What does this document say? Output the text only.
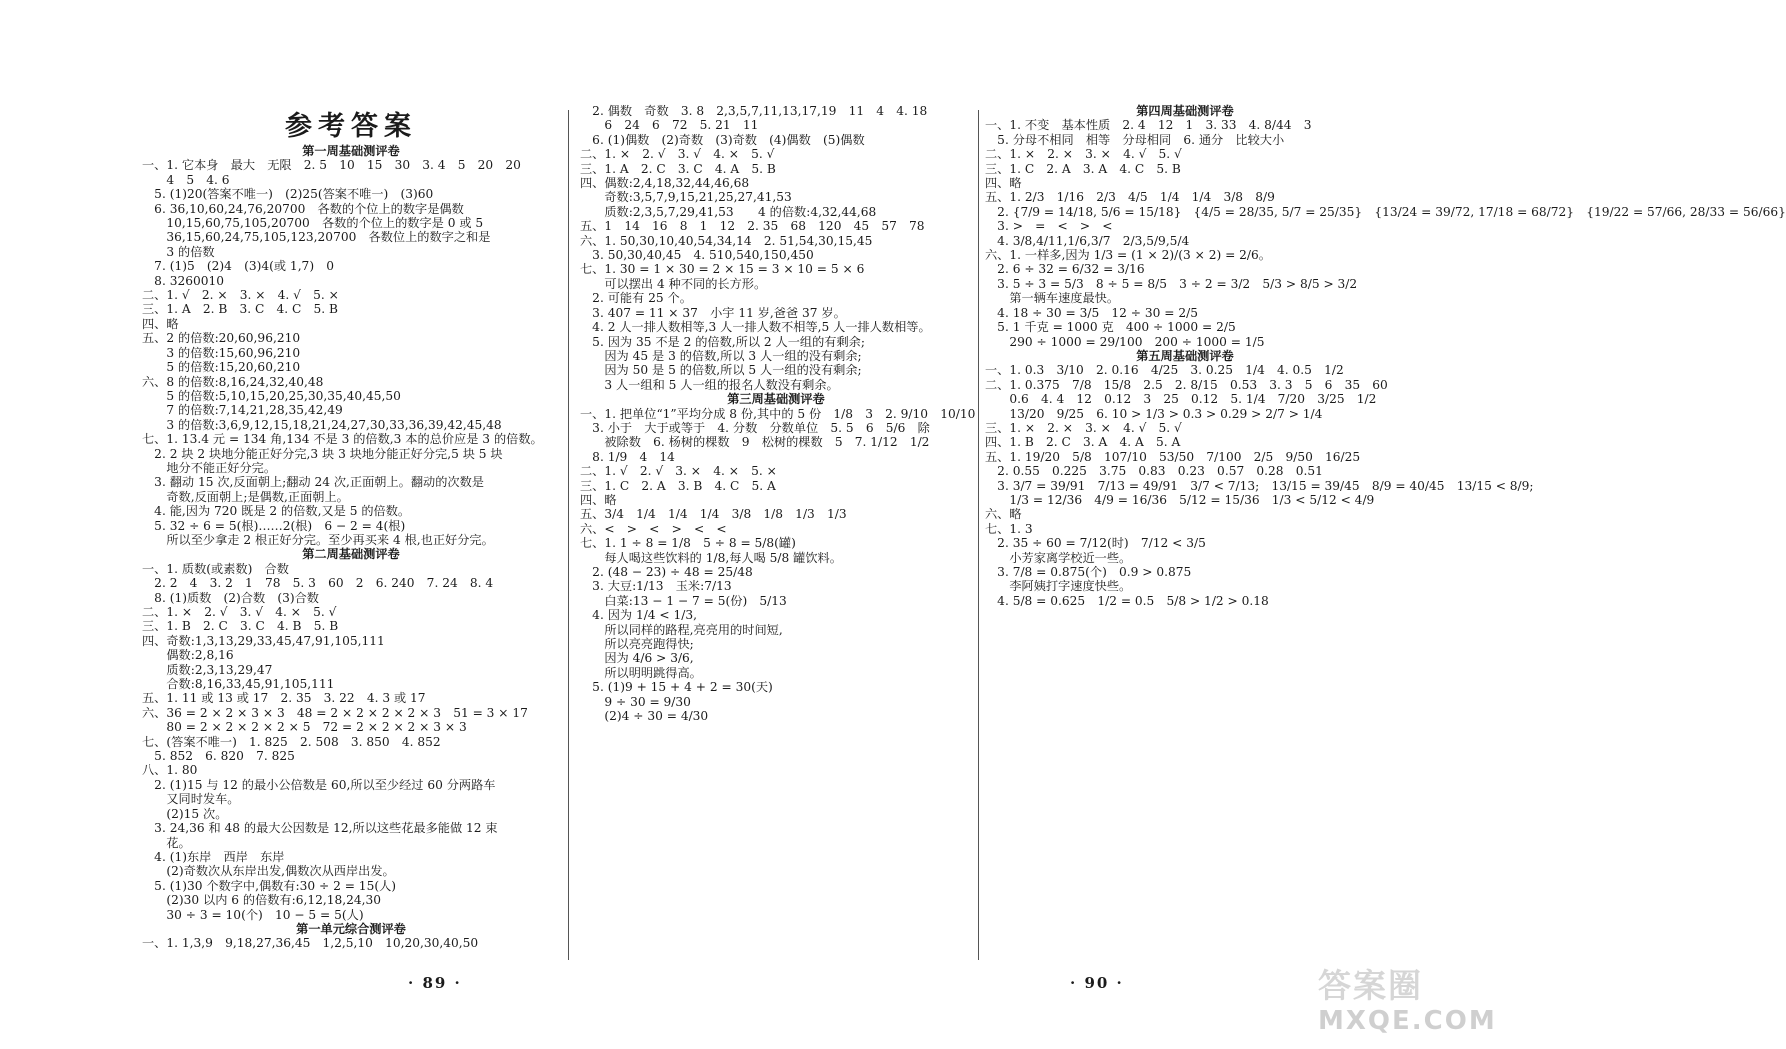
参考答案
第一周基础测评卷
一、1. 它本身　最大　无限　2. 5　10　15　30　3. 4　5　20　20
　　4　5　4. 6
　5. (1)20(答案不唯一)　(2)25(答案不唯一)　(3)60
　6. 36,10,60,24,76,20700　各数的个位上的数字是偶数
　　10,15,60,75,105,20700　各数的个位上的数字是 0 或 5
　　36,15,60,24,75,105,123,20700　各数位上的数字之和是
　　3 的倍数
　7. (1)5　(2)4　(3)4(或 1,7)　0
　8. 3260010
二、1. √　2. ×　3. ×　4. √　5. ×
三、1. A　2. B　3. C　4. C　5. B
四、略
五、2 的倍数:20,60,96,210
　　3 的倍数:15,60,96,210
　　5 的倍数:15,20,60,210
六、8 的倍数:8,16,24,32,40,48
　　5 的倍数:5,10,15,20,25,30,35,40,45,50
　　7 的倍数:7,14,21,28,35,42,49
　　3 的倍数:3,6,9,12,15,18,21,24,27,30,33,36,39,42,45,48
七、1. 13.4 元 = 134 角,134 不是 3 的倍数,3 本的总价应是 3 的倍数。
　2. 2 块 2 块地分能正好分完,3 块 3 块地分能正好分完,5 块 5 块
　　地分不能正好分完。
　3. 翻动 15 次,反面朝上;翻动 24 次,正面朝上。翻动的次数是
　　奇数,反面朝上;是偶数,正面朝上。
　4. 能,因为 720 既是 2 的倍数,又是 5 的倍数。
　5. 32 ÷ 6 = 5(根)……2(根)　6 − 2 = 4(根)
　　所以至少拿走 2 根正好分完。至少再买来 4 根,也正好分完。
第二周基础测评卷
一、1. 质数(或素数)　合数
　2. 2　4　3. 2　1　78　5. 3　60　2　6. 240　7. 24　8. 4
　8. (1)质数　(2)合数　(3)合数
二、1. ×　2. √　3. √　4. ×　5. √
三、1. B　2. C　3. C　4. B　5. B
四、奇数:1,3,13,29,33,45,47,91,105,111
　　偶数:2,8,16
　　质数:2,3,13,29,47
　　合数:8,16,33,45,91,105,111
五、1. 11 或 13 或 17　2. 35　3. 22　4. 3 或 17
六、36 = 2 × 2 × 3 × 3　48 = 2 × 2 × 2 × 2 × 3　51 = 3 × 17
　　80 = 2 × 2 × 2 × 2 × 5　72 = 2 × 2 × 2 × 3 × 3
七、(答案不唯一)　1. 825　2. 508　3. 850　4. 852
　5. 852　6. 820　7. 825
八、1. 80
　2. (1)15 与 12 的最小公倍数是 60,所以至少经过 60 分两路车
　　又同时发车。
　　(2)15 次。
　3. 24,36 和 48 的最大公因数是 12,所以这些花最多能做 12 束
　　花。
　4. (1)东岸　西岸　东岸
　　(2)奇数次从东岸出发,偶数次从西岸出发。
　5. (1)30 个数字中,偶数有:30 ÷ 2 = 15(人)
　　(2)30 以内 6 的倍数有:6,12,18,24,30
　　30 ÷ 3 = 10(个)　10 − 5 = 5(人)
第一单元综合测评卷
一、1. 1,3,9　9,18,27,36,45　1,2,5,10　10,20,30,40,50
　2. 偶数　奇数　3. 8　2,3,5,7,11,13,17,19　11　4　4. 18
　　6　24　6　72　5. 21　11
　6. (1)偶数　(2)奇数　(3)奇数　(4)偶数　(5)偶数
二、1. ×　2. √　3. √　4. ×　5. √
三、1. A　2. C　3. C　4. A　5. B
四、偶数:2,4,18,32,44,46,68
　　奇数:3,5,7,9,15,21,25,27,41,53
　　质数:2,3,5,7,29,41,53　　4 的倍数:4,32,44,68
五、1　14　16　8　1　12　2. 35　68　120　45　57　78
六、1. 50,30,10,40,54,34,14　2. 51,54,30,15,45
　3. 50,30,40,45　4. 510,540,150,450
七、1. 30 = 1 × 30 = 2 × 15 = 3 × 10 = 5 × 6
　　可以摆出 4 种不同的长方形。
　2. 可能有 25 个。
　3. 407 = 11 × 37　小宇 11 岁,爸爸 37 岁。
　4. 2 人一排人数相等,3 人一排人数不相等,5 人一排人数相等。
　5. 因为 35 不是 2 的倍数,所以 2 人一组的有剩余;
　　因为 45 是 3 的倍数,所以 3 人一组的没有剩余;
　　因为 50 是 5 的倍数,所以 5 人一组的没有剩余;
　　3 人一组和 5 人一组的报名人数没有剩余。
第三周基础测评卷
一、1. 把单位“1”平均分成 8 份,其中的 5 份　1/8　3　2. 9/10　10/10
　3. 小于　大于或等于　4. 分数　分数单位　5. 5　6　5/6　除
　　被除数　6. 杨树的棵数　9　松树的棵数　5　7. 1/12　1/2
　8. 1/9　4　14
二、1. √　2. √　3. ×　4. ×　5. ×
三、1. C　2. A　3. B　4. C　5. A
四、略
五、3/4　1/4　1/4　1/4　3/8　1/8　1/3　1/3
六、<　>　<　>　<　<
七、1. 1 ÷ 8 = 1/8　5 ÷ 8 = 5/8(罐)
　　每人喝这些饮料的 1/8,每人喝 5/8 罐饮料。
　2. (48 − 23) ÷ 48 = 25/48
　3. 大豆:1/13　玉米:7/13
　　白菜:13 − 1 − 7 = 5(份)　5/13
　4. 因为 1/4 < 1/3,
　　所以同样的路程,亮亮用的时间短,
　　所以亮亮跑得快;
　　因为 4/6 > 3/6,
　　所以明明跳得高。
　5. (1)9 + 15 + 4 + 2 = 30(天)
　　9 ÷ 30 = 9/30
　　(2)4 ÷ 30 = 4/30
第四周基础测评卷
一、1. 不变　基本性质　2. 4　12　1　3. 33　4. 8/44　3
　5. 分母不相同　相等　分母相同　6. 通分　比较大小
二、1. ×　2. ×　3. ×　4. √　5. √
三、1. C　2. A　3. A　4. C　5. B
四、略
五、1. 2/3　1/16　2/3　4/5　1/4　1/4　3/8　8/9
　2. {7/9 = 14/18, 5/6 = 15/18}　{4/5 = 28/35, 5/7 = 25/35}　{13/24 = 39/72, 17/18 = 68/72}　{19/22 = 57/66, 28/33 = 56/66}
　3. >　=　<　>　<
　4. 3/8,4/11,1/6,3/7　2/3,5/9,5/4
六、1. 一样多,因为 1/3 = (1 × 2)/(3 × 2) = 2/6。
　2. 6 ÷ 32 = 6/32 = 3/16
　3. 5 ÷ 3 = 5/3　8 ÷ 5 = 8/5　3 ÷ 2 = 3/2　5/3 > 8/5 > 3/2
　　第一辆车速度最快。
　4. 18 ÷ 30 = 3/5　12 ÷ 30 = 2/5
　5. 1 千克 = 1000 克　400 ÷ 1000 = 2/5
　　290 ÷ 1000 = 29/100　200 ÷ 1000 = 1/5
第五周基础测评卷
一、1. 0.3　3/10　2. 0.16　4/25　3. 0.25　1/4　4. 0.5　1/2
二、1. 0.375　7/8　15/8　2.5　2. 8/15　0.53　3. 3　5　6　35　60
　　0.6　4. 4　12　0.12　3　25　0.12　5. 1/4　7/20　3/25　1/2
　　13/20　9/25　6. 10 > 1/3 > 0.3 > 0.29 > 2/7 > 1/4
三、1. ×　2. ×　3. ×　4. √　5. √
四、1. B　2. C　3. A　4. A　5. A
五、1. 19/20　5/8　107/10　53/50　7/100　2/5　9/50　16/25
　2. 0.55　0.225　3.75　0.83　0.23　0.57　0.28　0.51
　3. 3/7 = 39/91　7/13 = 49/91　3/7 < 7/13;　13/15 = 39/45　8/9 = 40/45　13/15 < 8/9;
　　1/3 = 12/36　4/9 = 16/36　5/12 = 15/36　1/3 < 5/12 < 4/9
六、略
七、1. 3
　2. 35 ÷ 60 = 7/12(时)　7/12 < 3/5
　　小芳家离学校近一些。
　3. 7/8 = 0.875(个)　0.9 > 0.875
　　李阿姨打字速度快些。
　4. 5/8 = 0.625　1/2 = 0.5　5/8 > 1/2 > 0.18
· 89 ·	· 90 ·	答案圈
MXQE.COM
